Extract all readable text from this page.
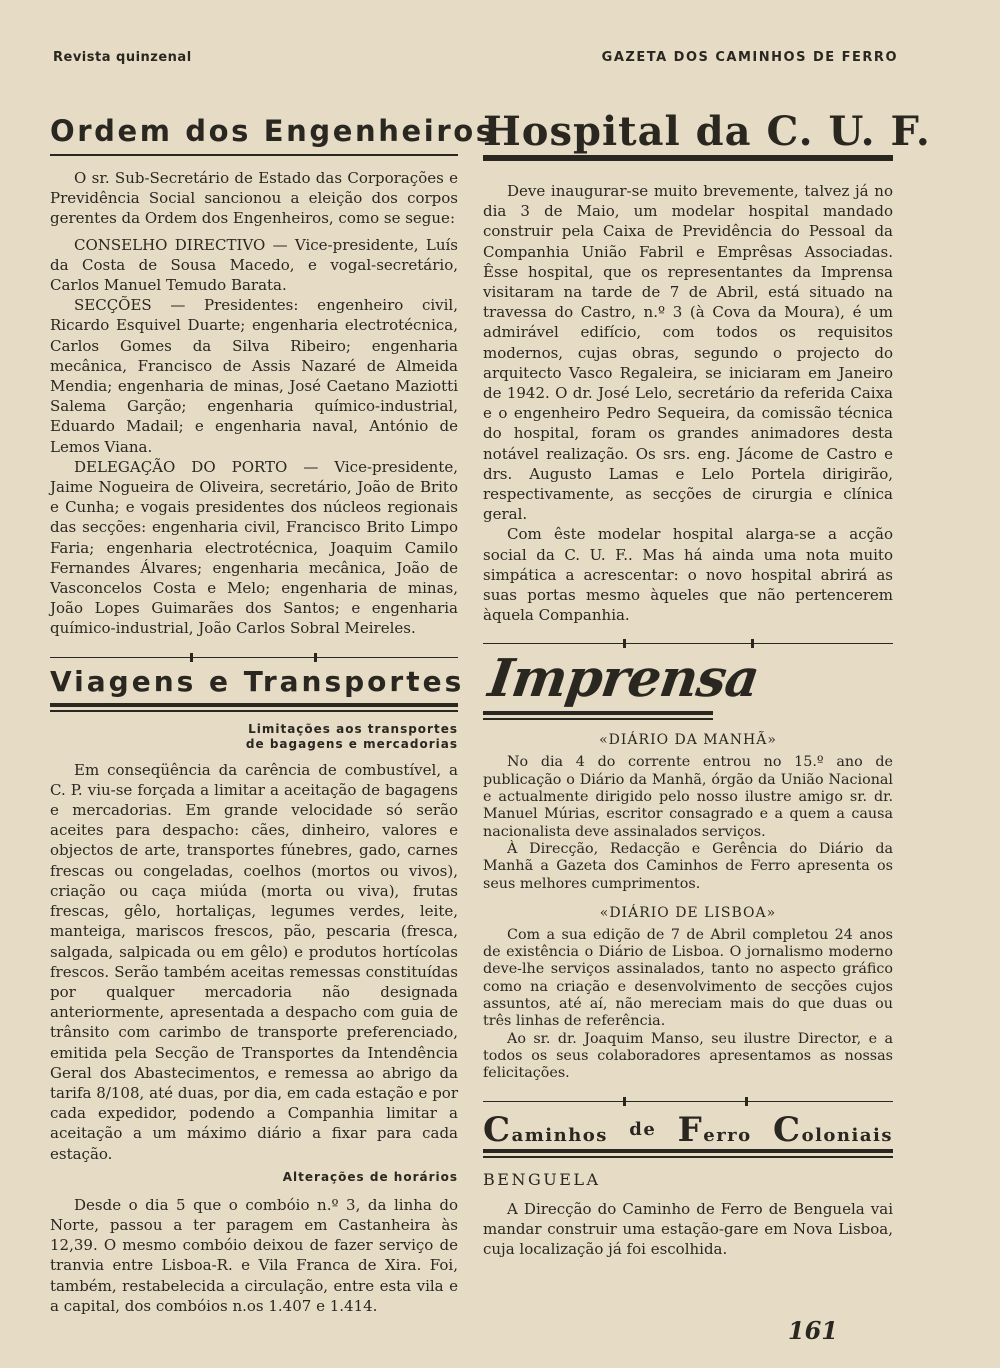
Revista quinzenal	GAZETA DOS CAMINHOS DE FERRO
Ordem dos Engenheiros

O sr. Sub-Secretário de Estado das Corporações e Previdência Social sancionou a eleição dos corpos gerentes da Ordem dos Engenheiros, como se segue:

CONSELHO DIRECTIVO — Vice-presidente, Luís da Costa de Sousa Macedo, e vogal-secretário, Carlos Manuel Temudo Barata.

SECÇÕES — Presidentes: engenheiro civil, Ricardo Esquivel Duarte; engenharia electrotécnica, Carlos Gomes da Silva Ribeiro; engenharia mecânica, Francisco de Assis Nazaré de Almeida Mendia; engenharia de minas, José Caetano Maziotti Salema Garção; engenharia químico-industrial, Eduardo Madail; e engenharia naval, António de Lemos Viana.

DELEGAÇÃO DO PORTO — Vice-presidente, Jaime Nogueira de Oliveira, secretário, João de Brito e Cunha; e vogais presidentes dos núcleos regionais das secções: engenharia civil, Francisco Brito Limpo Faria; engenharia electrotécnica, Joaquim Camilo Fernandes Álvares; engenharia mecânica, João de Vasconcelos Costa e Melo; engenharia de minas, João Lopes Guimarães dos Santos; e engenharia químico-industrial, João Carlos Sobral Meireles.

Viagens e Transportes
Limitações aos transportes
de bagagens e mercadorias

Em conseqüência da carência de combustível, a C. P. viu-se forçada a limitar a aceitação de bagagens e mercadorias. Em grande velocidade só serão aceites para despacho: cães, dinheiro, valores e objectos de arte, transportes fúnebres, gado, carnes frescas ou congeladas, coelhos (mortos ou vivos), criação ou caça miúda (morta ou viva), frutas frescas, gêlo, hortaliças, legumes verdes, leite, manteiga, mariscos frescos, pão, pescaria (fresca, salgada, salpicada ou em gêlo) e produtos hortícolas frescos. Serão também aceitas remessas constituídas por qualquer mercadoria não designada anteriormente, apresentada a despacho com guia de trânsito com carimbo de transporte preferenciado, emitida pela Secção de Transportes da Intendência Geral dos Abastecimentos, e remessa ao abrigo da tarifa 8/108, até duas, por dia, em cada estação e por cada expedidor, podendo a Companhia limitar a aceitação a um máximo diário a fixar para cada estação.

Alterações de horários

Desde o dia 5 que o combóio n.º 3, da linha do Norte, passou a ter paragem em Castanheira às 12,39. O mesmo combóio deixou de fazer serviço de tranvia entre Lisboa-R. e Vila Franca de Xira. Foi, também, restabelecida a circulação, entre esta vila e a capital, dos combóios n.os 1.407 e 1.414.

Hospital da C. U. F.

Deve inaugurar-se muito brevemente, talvez já no dia 3 de Maio, um modelar hospital mandado construir pela Caixa de Previdência do Pessoal da Companhia União Fabril e Emprêsas Associadas. Êsse hospital, que os representantes da Imprensa visitaram na tarde de 7 de Abril, está situado na travessa do Castro, n.º 3 (à Cova da Moura), é um admirável edifício, com todos os requisitos modernos, cujas obras, segundo o projecto do arquitecto Vasco Regaleira, se iniciaram em Janeiro de 1942. O dr. José Lelo, secretário da referida Caixa e o engenheiro Pedro Sequeira, da comissão técnica do hospital, foram os grandes animadores desta notável realização. Os srs. eng. Jácome de Castro e drs. Augusto Lamas e Lelo Portela dirigirão, respectivamente, as secções de cirurgia e clínica geral.

Com êste modelar hospital alarga-se a acção social da C. U. F.. Mas há ainda uma nota muito simpática a acrescentar: o novo hospital abrirá as suas portas mesmo àqueles que não pertencerem àquela Companhia.

Imprensa
«DIÁRIO DA MANHÃ»

No dia 4 do corrente entrou no 15.º ano de publicação o Diário da Manhã, órgão da União Nacional e actualmente dirigido pelo nosso ilustre amigo sr. dr. Manuel Múrias, escritor consagrado e a quem a causa nacionalista deve assinalados serviços.

À Direcção, Redacção e Gerência do Diário da Manhã a Gazeta dos Caminhos de Ferro apresenta os seus melhores cumprimentos.

«DIÁRIO DE LISBOA»

Com a sua edição de 7 de Abril completou 24 anos de existência o Diário de Lisboa. O jornalismo moderno deve-lhe serviços assinalados, tanto no aspecto gráfico como na criação e desenvolvimento de secções cujos assuntos, até aí, não mereciam mais do que duas ou três linhas de referência.

Ao sr. dr. Joaquim Manso, seu ilustre Director, e a todos os seus colaboradores apresentamos as nossas felicitações.

Caminhos de Ferro Coloniais
BENGUELA

A Direcção do Caminho de Ferro de Benguela vai mandar construir uma estação-gare em Nova Lisboa, cuja localização já foi escolhida.

161
